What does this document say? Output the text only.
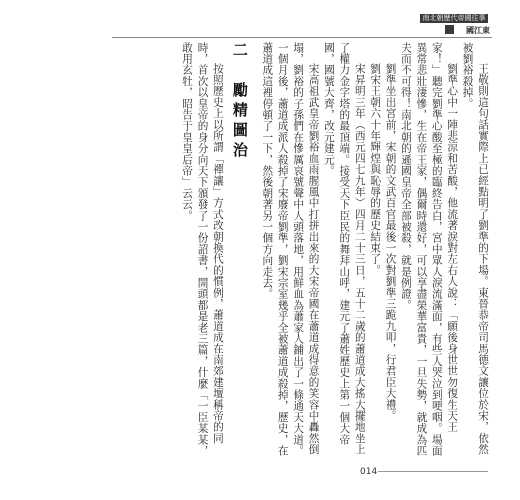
南北朝歷代帝國往事
國江東

王敬則這句話實際上已經點明了劉準的下場。東晉恭帝司馬德文讓位於宋，依然被劉裕殺掉。

劉準心中一陣悲涼和苦酸，他流著淚對左右人說：「願後身世世勿復生天王家！」聽完劉準心酸至極的臨終告白，宮中眾人淚流滿面，有些人哭泣到哽咽。場面異常悲壯淒慘，生在帝王家，偶爾時還好，可以享盡榮華富貴，一旦失勢，就成為匹夫而不可得！南北朝的遜國皇帝全部被殺，就是例證。

劉準坐出宮前，宋朝的文武百官最後一次對劉準三跪九叩，行君臣大禮。

劉宋王朝六十年輝煌與恥辱的歷史結束了。

宋昇明三年（西元四七九年）四月二十三日，五十二歲的蕭道成大搖大擺地坐上了權力金字塔的最頂端。接受天下臣民的舞拜山呼，建元了蕭姓歷史上第一個大帝國，國號大齊，改元建元。

宋高祖武皇帝劉裕血雨腥風中打拼出來的大宋帝國在蕭道成得意的笑容中轟然倒塌，劉裕的子孫們在慘厲哀號聲中人頭落地，用鮮血為蕭家人鋪出了一條通天大道。一個月後，蕭道成派人殺掉了宋廢帝劉準，劉宋宗室幾乎全被蕭道成殺掉，歷史，在蕭道成這裡停頓了一下，然後朝著另一個方向走去。

二　勵精圖治

按照歷史上以所謂「禪讓」方式改朝換代的慣例，蕭道成在南郊建壇稱帝的同時，首次以皇帝的身分向天下頒發了一份詔書，開頭都是老三篇，什麼「一臣某某，敢用玄牡，昭告于皇皇后帝」云云。

014
